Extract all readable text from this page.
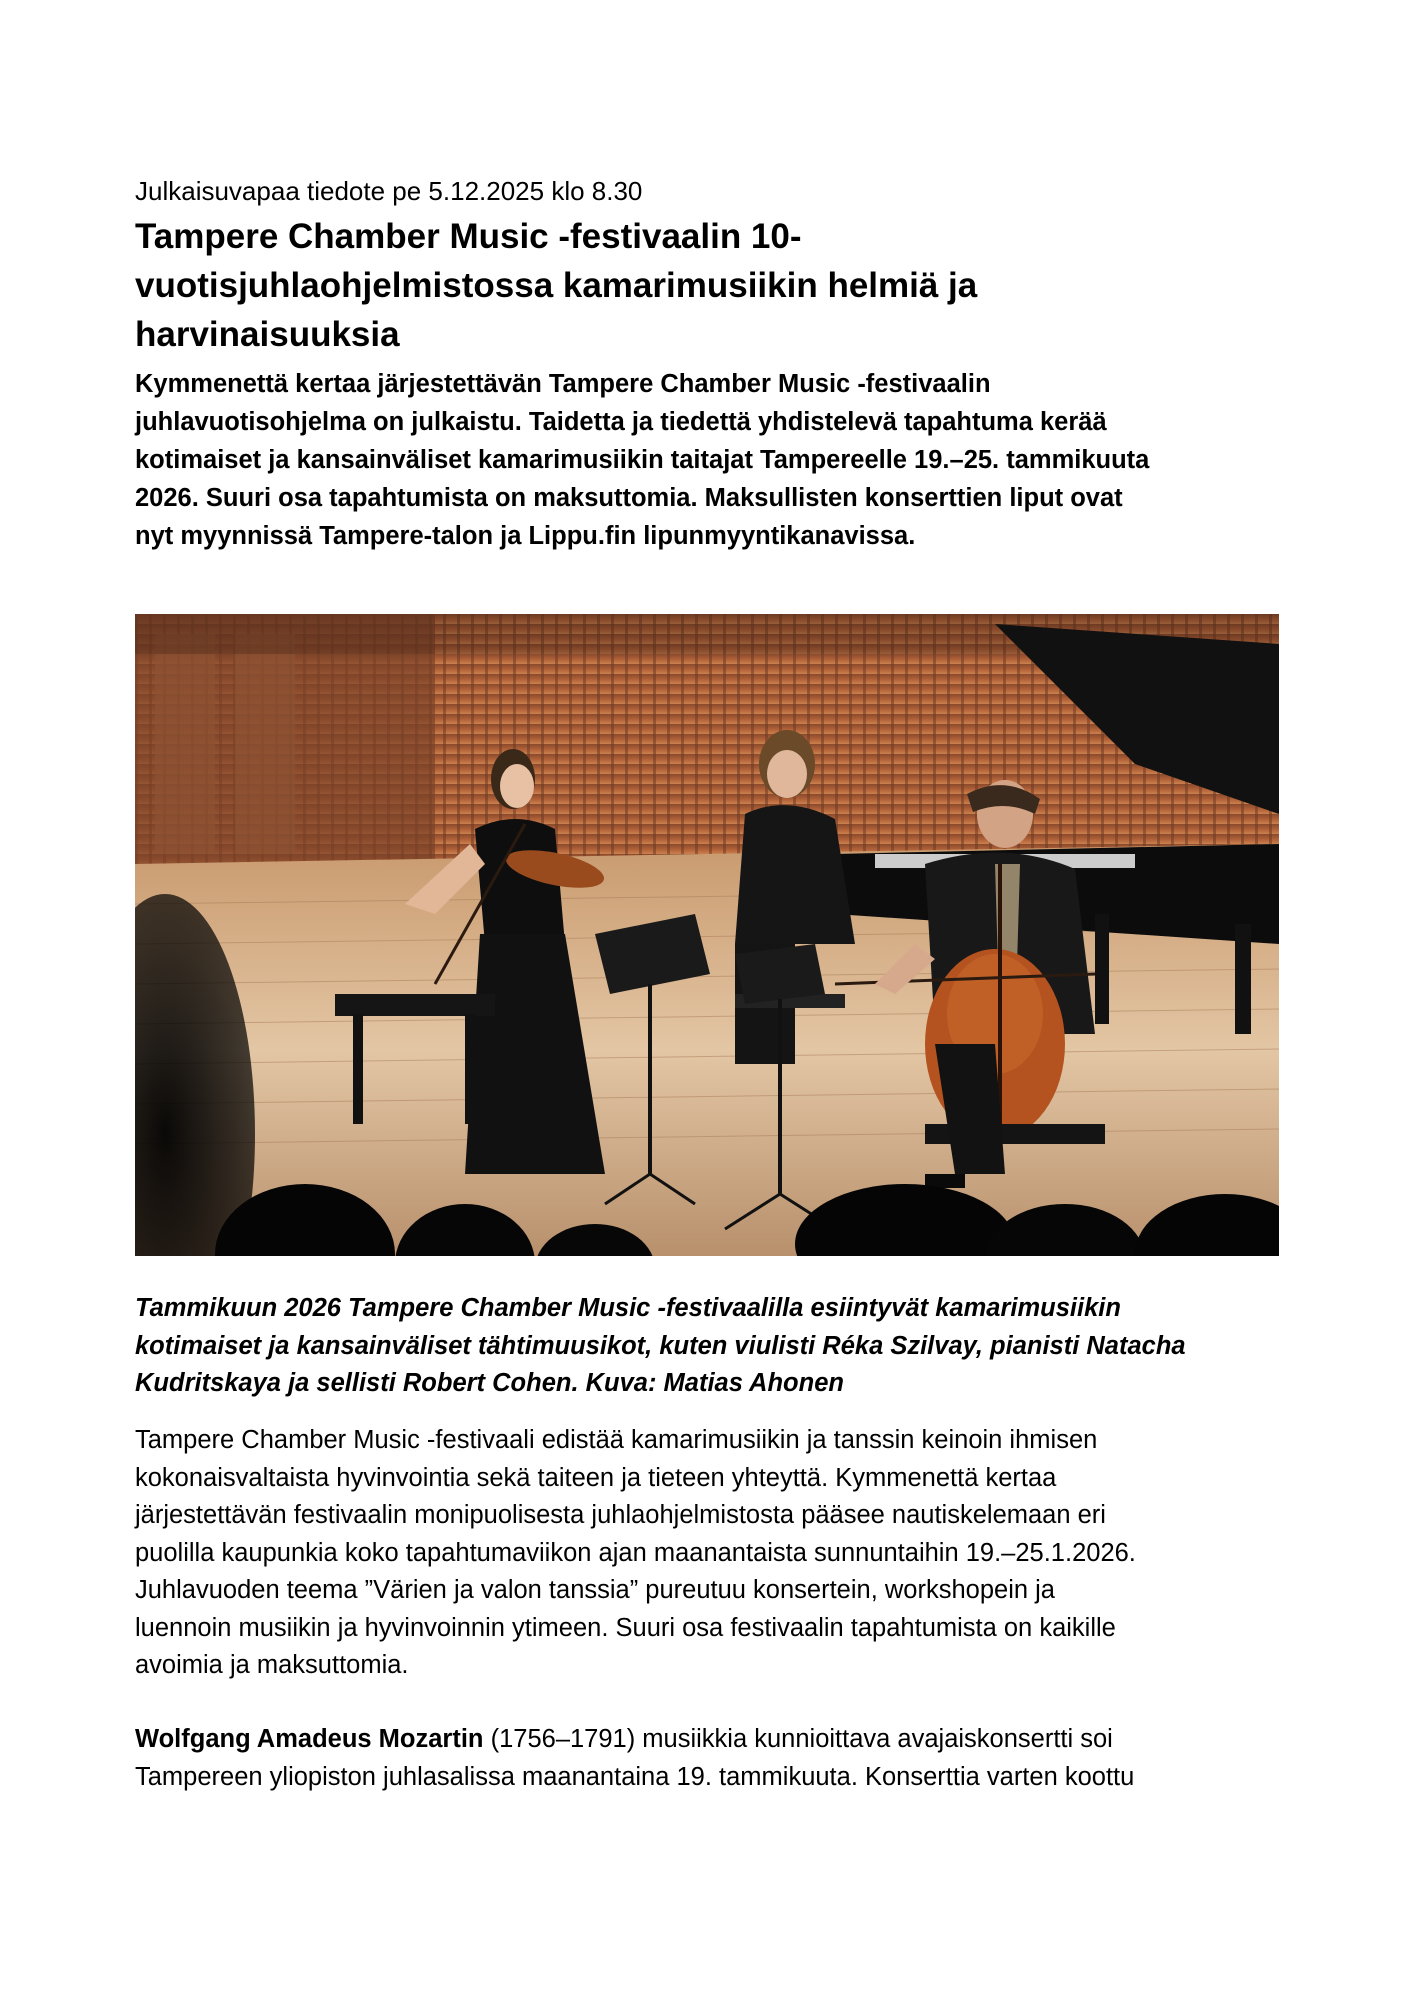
Julkaisuvapaa tiedote pe 5.12.2025 klo 8.30
Tampere Chamber Music -festivaalin 10-
vuotisjuhlaohjelmistossa kamarimusiikin helmiä ja
harvinaisuuksia
Kymmenettä kertaa järjestettävän Tampere Chamber Music -festivaalin
juhlavuotisohjelma on julkaistu. Taidetta ja tiedettä yhdistelevä tapahtuma kerää
kotimaiset ja kansainväliset kamarimusiikin taitajat Tampereelle 19.–25. tammikuuta
2026. Suuri osa tapahtumista on maksuttomia. Maksullisten konserttien liput ovat
nyt myynnissä Tampere-talon ja Lippu.fin lipunmyyntikanavissa.
Tammikuun 2026 Tampere Chamber Music -festivaalilla esiintyvät kamarimusiikin
kotimaiset ja kansainväliset tähtimuusikot, kuten viulisti Réka Szilvay, pianisti Natacha
Kudritskaya ja sellisti Robert Cohen. Kuva: Matias Ahonen
Tampere Chamber Music -festivaali edistää kamarimusiikin ja tanssin keinoin ihmisen
kokonaisvaltaista hyvinvointia sekä taiteen ja tieteen yhteyttä. Kymmenettä kertaa
järjestettävän festivaalin monipuolisesta juhlaohjelmistosta pääsee nautiskelemaan eri
puolilla kaupunkia koko tapahtumaviikon ajan maanantaista sunnuntaihin 19.–25.1.2026.
Juhlavuoden teema ”Värien ja valon tanssia” pureutuu konsertein, workshopein ja
luennoin musiikin ja hyvinvoinnin ytimeen. Suuri osa festivaalin tapahtumista on kaikille
avoimia ja maksuttomia.
Wolfgang Amadeus Mozartin (1756–1791) musiikkia kunnioittava avajaiskonsertti soi
Tampereen yliopiston juhlasalissa maanantaina 19. tammikuuta. Konserttia varten koottu
